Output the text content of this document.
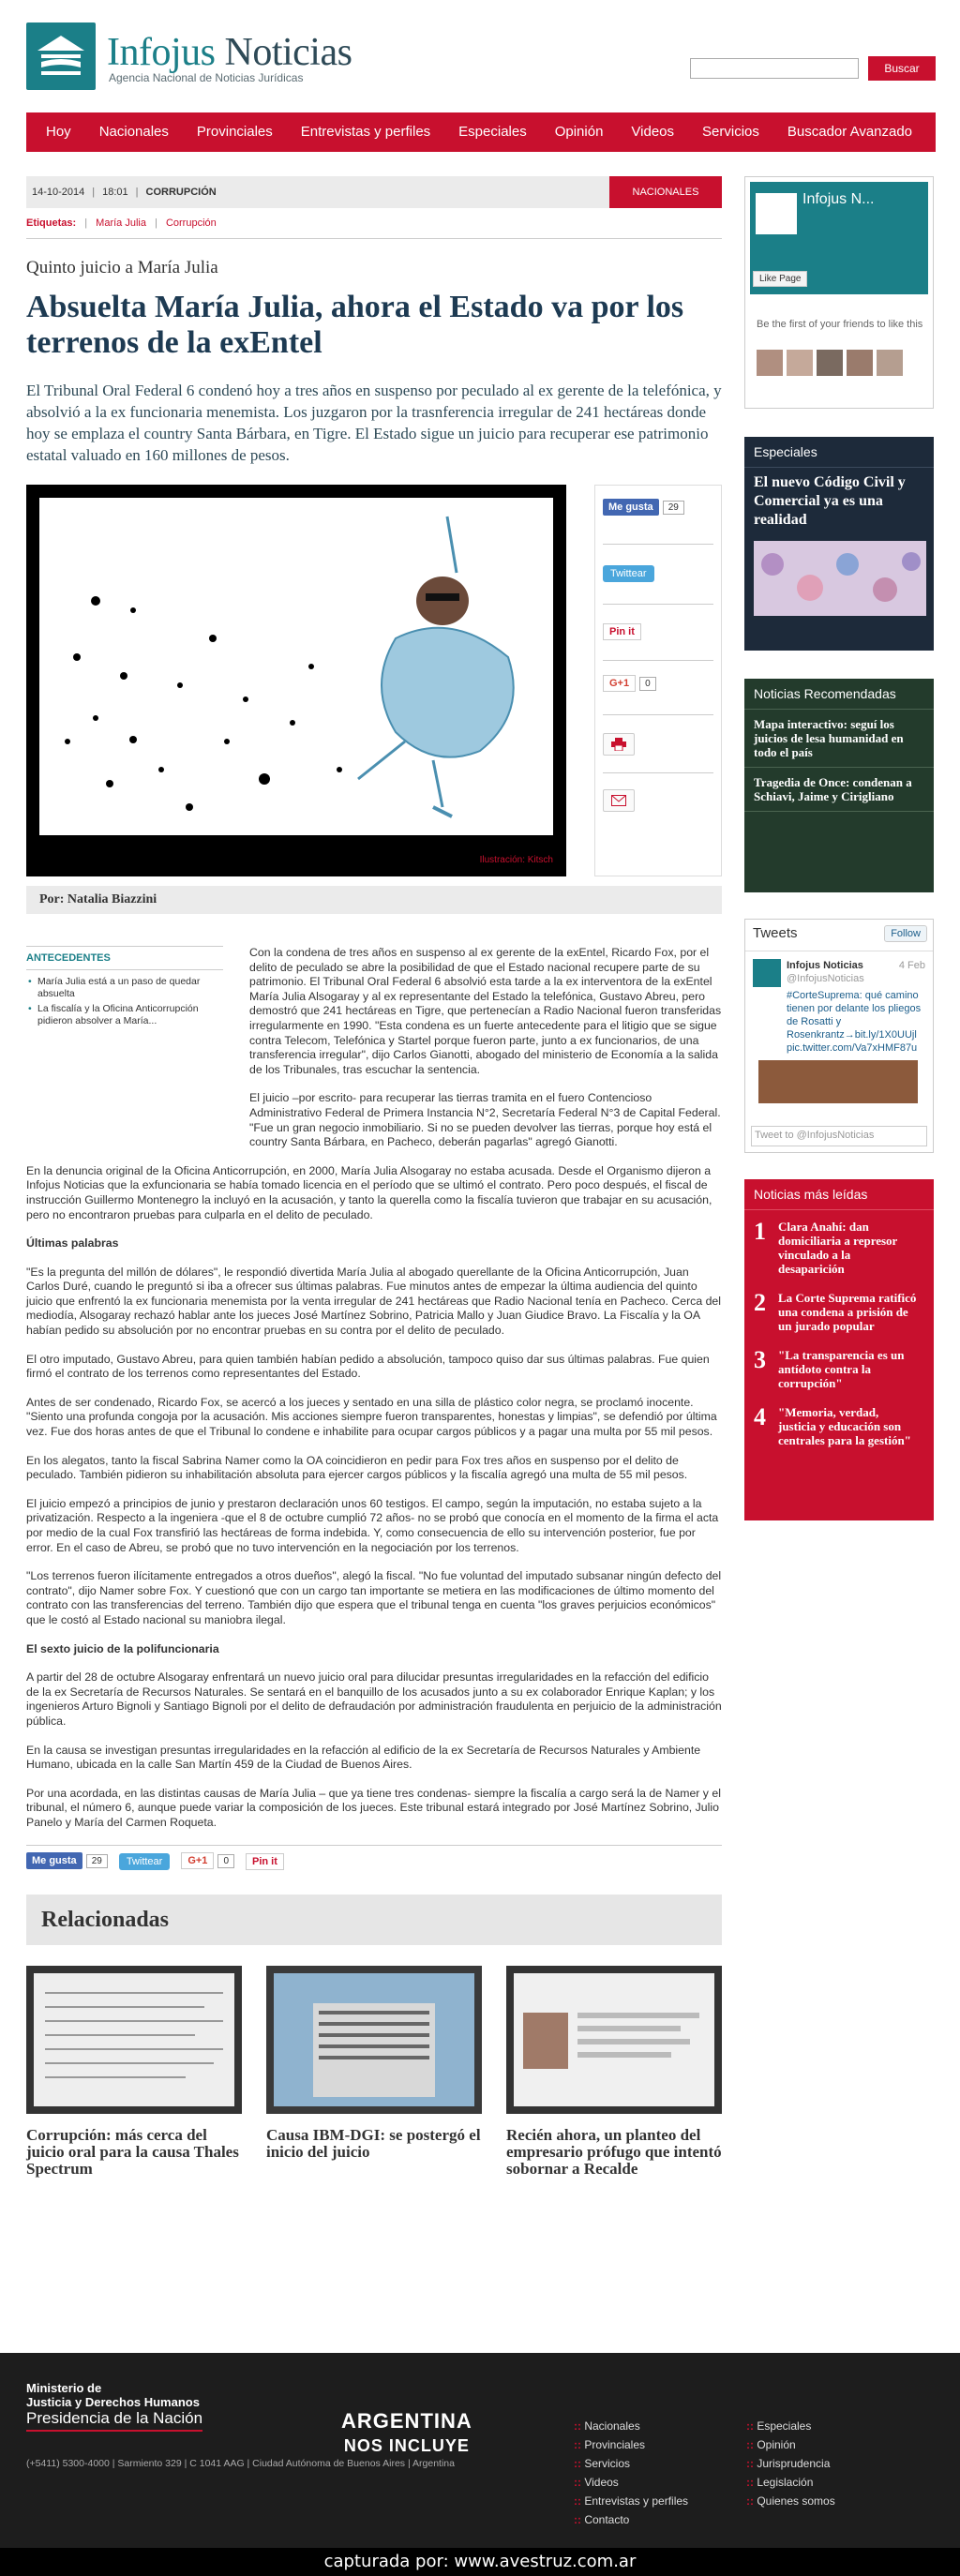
Infojus Noticias
Agencia Nacional de Noticias Jurídicas
Buscar
Hoy	Nacionales	Provinciales	Entrevistas y perfiles	Especiales	Opinión	Videos	Servicios	Buscador Avanzado
14-10-2014 | 18:01 | CORRUPCIÓN	NACIONALES
Etiquetas: | María Julia | Corrupción
Quinto juicio a María Julia
Absuelta María Julia, ahora el Estado va por los terrenos de la exEntel

El Tribunal Oral Federal 6 condenó hoy a tres años en suspenso por peculado al ex gerente de la telefónica, y absolvió a la ex funcionaria menemista. Los juzgaron por la trasnferencia irregular de 241 hectáreas donde hoy se emplaza el country Santa Bárbara, en Tigre. El Estado sigue un juicio para recuperar ese patrimonio estatal valuado en 160 millones de pesos.

Ilustración: Kitsch
Me gusta 29
Twittear
Pin it
G+1 0
Por: Natalia Biazzini
ANTECEDENTES
• María Julia está a un paso de quedar absuelta
• La fiscalía y la Oficina Anticorrupción pidieron absolver a María...

Con la condena de tres años en suspenso al ex gerente de la exEntel, Ricardo Fox, por el delito de peculado se abre la posibilidad de que el Estado nacional recupere parte de su patrimonio. El Tribunal Oral Federal 6 absolvió esta tarde a la ex interventora de la exEntel María Julia Alsogaray y al ex representante del Estado la telefónica, Gustavo Abreu, pero demostró que 241 hectáreas en Tigre, que pertenecían a Radio Nacional fueron transferidas irregularmente en 1990. "Esta condena es un fuerte antecedente para el litigio que se sigue contra Telecom, Telefónica y Startel porque fueron parte, junto a ex funcionarios, de una transferencia irregular", dijo Carlos Gianotti, abogado del ministerio de Economía a la salida de los Tribunales, tras escuchar la sentencia.

El juicio –por escrito- para recuperar las tierras tramita en el fuero Contencioso Administrativo Federal de Primera Instancia N°2, Secretaría Federal N°3 de Capital Federal. "Fue un gran negocio inmobiliario. Si no se pueden devolver las tierras, porque hoy está el country Santa Bárbara, en Pacheco, deberán pagarlas" agregó Gianotti.

En la denuncia original de la Oficina Anticorrupción, en 2000, María Julia Alsogaray no estaba acusada. Desde el Organismo dijeron a Infojus Noticias que la exfuncionaria se había tomado licencia en el período que se ultimó el contrato. Pero poco después, el fiscal de instrucción Guillermo Montenegro la incluyó en la acusación, y tanto la querella como la fiscalía tuvieron que trabajar en su acusación, pero no encontraron pruebas para culparla en el delito de peculado.

Últimas palabras

"Es la pregunta del millón de dólares", le respondió divertida María Julia al abogado querellante de la Oficina Anticorrupción, Juan Carlos Duré, cuando le preguntó si iba a ofrecer sus últimas palabras. Fue minutos antes de empezar la última audiencia del quinto juicio que enfrentó la ex funcionaria menemista por la venta irregular de 241 hectáreas que Radio Nacional tenía en Pacheco. Cerca del mediodía, Alsogaray rechazó hablar ante los jueces José Martínez Sobrino, Patricia Mallo y Juan Giudice Bravo. La Fiscalía y la OA habían pedido su absolución por no encontrar pruebas en su contra por el delito de peculado.

El otro imputado, Gustavo Abreu, para quien también habían pedido a absolución, tampoco quiso dar sus últimas palabras. Fue quien firmó el contrato de los terrenos como representantes del Estado.

Antes de ser condenado, Ricardo Fox, se acercó a los jueces y sentado en una silla de plástico color negra, se proclamó inocente. "Siento una profunda congoja por la acusación. Mis acciones siempre fueron transparentes, honestas y limpias", se defendió por última vez. Fue dos horas antes de que el Tribunal lo condene e inhabilite para ocupar cargos públicos y a pagar una multa por 55 mil pesos.

En los alegatos, tanto la fiscal Sabrina Namer como la OA coincidieron en pedir para Fox tres años en suspenso por el delito de peculado. También pidieron su inhabilitación absoluta para ejercer cargos públicos y la fiscalía agregó una multa de 55 mil pesos.

El juicio empezó a principios de junio y prestaron declaración unos 60 testigos. El campo, según la imputación, no estaba sujeto a la privatización. Respecto a la ingeniera -que el 8 de octubre cumplió 72 años- no se probó que conocía en el momento de la firma el acta por medio de la cual Fox transfirió las hectáreas de forma indebida. Y, como consecuencia de ello su intervención posterior, fue por error. En el caso de Abreu, se probó que no tuvo intervención en la negociación por los terrenos.

"Los terrenos fueron ilícitamente entregados a otros dueños", alegó la fiscal. "No fue voluntad del imputado subsanar ningún defecto del contrato", dijo Namer sobre Fox. Y cuestionó que con un cargo tan importante se metiera en las modificaciones de último momento del contrato con las transferencias del terreno. También dijo que espera que el tribunal tenga en cuenta "los graves perjuicios económicos" que le costó al Estado nacional su maniobra ilegal.

El sexto juicio de la polifuncionaria

A partir del 28 de octubre Alsogaray enfrentará un nuevo juicio oral para dilucidar presuntas irregularidades en la refacción del edificio de la ex Secretaría de Recursos Naturales. Se sentará en el banquillo de los acusados junto a su ex colaborador Enrique Kaplan; y los ingenieros Arturo Bignoli y Santiago Bignoli por el delito de defraudación por administración fraudulenta en perjuicio de la administración pública.

En la causa se investigan presuntas irregularidades en la refacción al edificio de la ex Secretaría de Recursos Naturales y Ambiente Humano, ubicada en la calle San Martín 459 de la Ciudad de Buenos Aires.

Por una acordada, en las distintas causas de María Julia – que ya tiene tres condenas- siempre la fiscalía a cargo será la de Namer y el tribunal, el número 6, aunque puede variar la composición de los jueces. Este tribunal estará integrado por José Martínez Sobrino, Julio Panelo y María del Carmen Roqueta.

Me gusta 29	Twittear	G+1 0	Pin it
Relacionadas
Corrupción: más cerca del juicio oral para la causa Thales Spectrum
Causa IBM-DGI: se postergó el inicio del juicio
Recién ahora, un planteo del empresario prófugo que intentó sobornar a Recalde
Infojus N...
Like Page
Be the first of your friends to like this
Especiales
El nuevo Código Civil y Comercial ya es una realidad
Noticias Recomendadas
Mapa interactivo: seguí los juicios de lesa humanidad en todo el país
Tragedia de Once: condenan a Schiavi, Jaime y Cirigliano
Tweets	Follow
Infojus Noticias	4 Feb
@InfojusNoticias
#CorteSuprema: qué camino tienen por delante los pliegos de Rosatti y Rosenkrantz→bit.ly/1X0UUjl pic.twitter.com/Va7xHMF87u
Tweet to @InfojusNoticias
Noticias más leídas
1	Clara Anahí: dan domiciliaria a represor vinculado a la desaparición
2	La Corte Suprema ratificó una condena a prisión de un jurado popular
3	"La transparencia es un antídoto contra la corrupción"
4	"Memoria, verdad, justicia y educación son centrales para la gestión"
Ministerio de
Justicia y Derechos Humanos
Presidencia de la Nación
(+5411) 5300-4000 | Sarmiento 329 | C 1041 AAG | Ciudad Autónoma de Buenos Aires | Argentina
ARGENTINA
NOS INCLUYE
:: Nacionales
:: Provinciales
:: Servicios
:: Videos
:: Entrevistas y perfiles
:: Contacto
:: Especiales
:: Opinión
:: Jurisprudencia
:: Legislación
:: Quienes somos
capturada por: www.avestruz.com.ar
